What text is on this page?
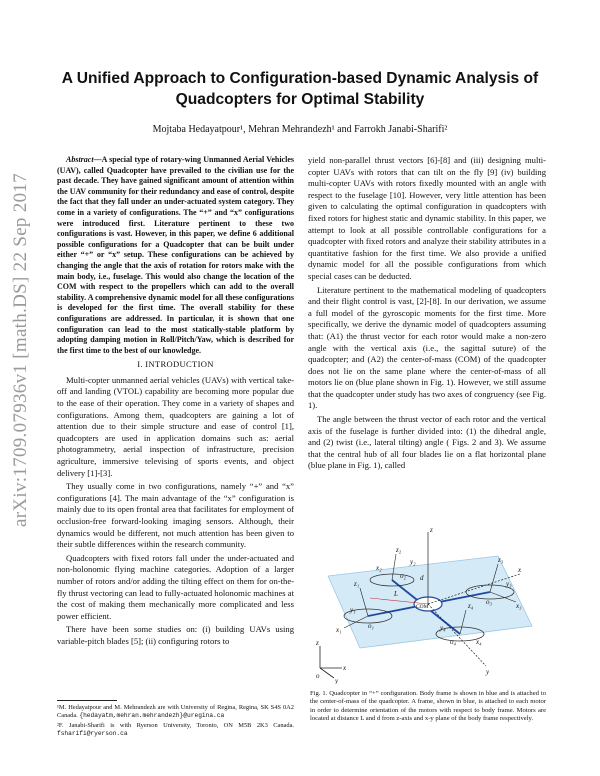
arXiv:1709.07936v1 [math.DS] 22 Sep 2017
A Unified Approach to Configuration-based Dynamic Analysis of Quadcopters for Optimal Stability
Mojtaba Hedayatpour¹, Mehran Mehrandezh¹ and Farrokh Janabi-Sharifi²

Abstract—A special type of rotary-wing Unmanned Aerial Vehicles (UAV), called Quadcopter have prevailed to the civilian use for the past decade. They have gained significant amount of attention within the UAV community for their redundancy and ease of control, despite the fact that they fall under an under-actuated system category. They come in a variety of configurations. The “+” and “x” configurations were introduced first. Literature pertinent to these two configurations is vast. However, in this paper, we define 6 additional possible configurations for a Quadcopter that can be built under either “+” or “x” setup. These configurations can be achieved by changing the angle that the axis of rotation for rotors make with the main body, i.e., fuselage. This would also change the location of the COM with respect to the propellers which can add to the overall stability. A comprehensive dynamic model for all these configurations is developed for the first time. The overall stability for these configurations are addressed. In particular, it is shown that one configuration can lead to the most statically-stable platform by adopting damping motion in Roll/Pitch/Yaw, which is described for the first time to the best of our knowledge.

I. INTRODUCTION

Multi-copter unmanned aerial vehicles (UAVs) with vertical take-off and landing (VTOL) capability are becoming more popular due to the ease of their operation. They come in a variety of shapes and configurations. Among them, quadcopters are gaining a lot of attention due to their simple structure and ease of control [1], quadcopters are used in application domains such as: aerial photogrammetry, aerial inspection of infrastructure, precision agriculture, immersive televising of sports events, and object delivery [1]-[3].

They usually come in two configurations, namely “+” and “x” configurations [4]. The main advantage of the “x” configuration is mainly due to its open frontal area that facilitates for employment of occlusion-free forward-looking imaging sensors. Although, their dynamics would be different, not much attention has been given to their subtle differences within the research community.

Quadcopters with fixed rotors fall under the under-actuated and non-holonomic flying machine categories. Adoption of a larger number of rotors and/or adding the tilting effect on them for on-the-fly thrust vectoring can lead to fully-actuated holonomic machines at the cost of making them mechanically more complicated and less power efficient.

There have been some studies on: (i) building UAVs using variable-pitch blades [5]; (ii) configuring rotors to

¹M. Hedayatpour and M. Mehrandezh are with University of Regina, Regina, SK S4S 0A2 Canada. {hedayatm,mehran.mehrandezh}@uregina.ca

²F. Janabi-Sharifi is with Ryerson University, Toronto, ON M5B 2K3 Canada. fsharifi@ryerson.ca

yield non-parallel thrust vectors [6]-[8] and (iii) designing multi-copter UAVs with rotors that can tilt on the fly [9] (iv) building multi-copter UAVs with rotors fixedly mounted with an angle with respect to the fuselage [10]. However, very little attention has been given to calculating the optimal configuration in quadcopters with fixed rotors for highest static and dynamic stability. In this paper, we attempt to look at all possible controllable configurations for a quadcopter with fixed rotors and analyze their stability attributes in a quantitative fashion for the first time. We also provide a unified dynamic model for all the possible configurations from which special cases can be deducted.

Literature pertinent to the mathematical modeling of quadcopters and their flight control is vast, [2]-[8]. In our derivation, we assume a full model of the gyroscopic moments for the first time. More specifically, we derive the dynamic model of quadcopters assuming that: (A1) the thrust vector for each rotor would make a non-zero angle with the vertical axis (i.e., the sagittal suture) of the quadcopter; and (A2) the center-of-mass (COM) of the quadcopter does not lie on the same plane where the center-of-mass of all motors lie on (blue plane shown in Fig. 1). However, we still assume that the quadcopter under study has two axes of congruency (see Fig. 1).

The angle between the thrust vector of each rotor and the vertical axis of the fuselage is further divided into: (1) the dihedral angle, and (2) twist (i.e., lateral tilting) angle ( Figs. 2 and 3). We assume that the central hub of all four blades lie on a flat horizontal plane (blue plane in Fig. 1), called

COM
z
x
y
o
x
y
z
L
d
z₁
x₁	o₁
y₁
z₂
x₂
o₂
y₂	z₃
x₃
o₃
y₃
z₄
x₄
o₄
y₄
Fig. 1. Quadcopter in “+” configuration. Body frame is shown in blue and is attached to the center-of-mass of the quadcopter. A frame, shown in blue, is attached to each motor in order to determine orientation of the motors with respect to body frame. Motors are located at distance L and d from z-axis and x-y plane of the body frame respectively.
